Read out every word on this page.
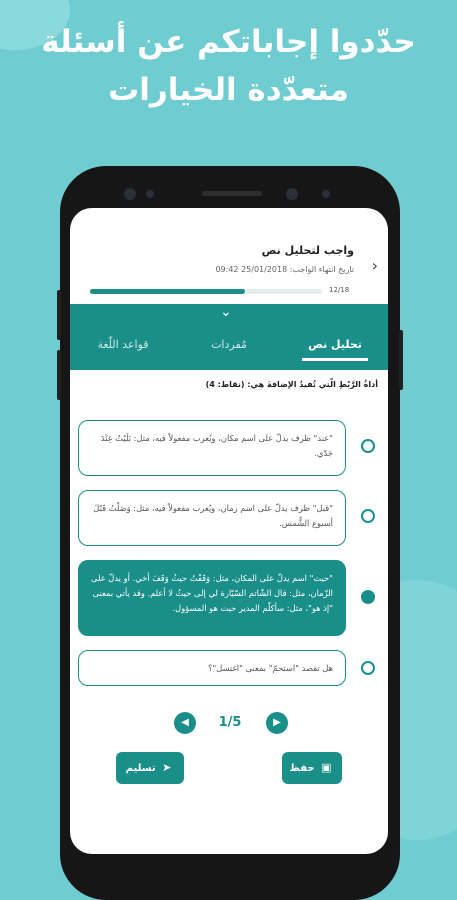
حدّدوا إجاباتكم عن أسئلة
متعدّدة الخيارات
›
واجب لتحليل نص
تاريخ انتهاء الواجب: 25/01/2018 09:42
12/18
⌄
تحليل نص
مُفردات
قواعد اللّغة
أداةُ الرَّبْطِ الّتي تُفيدُ الإضافةَ هي: (نقاط: 4)
"عند" ظرف يدلّ على اسم مكان، ويُعرب مفعولاً فيه، مثل: بَلَيْتُ عِنْدَ جَدّي.
"قبل" ظرف يدلّ على اسم زمان، ويُعرب مفعولاً فيه، مثل: وَصَلْتُ قَبْلَ أسبوع الشُّمس.
"حيث" اسم يدلّ على المكان، مثل: وَقَفْتُ حيثُ وَقَفَ أخي. أو يدلّ على الزّمان، مثل: قال الشّاتم السّيّارة لي إلى حيثُ لا أعلم. وقد يأتي بمعنى "إذ هو"، مثل: سأكلّم المدير حيث هو المسؤول.
هل تقصد "استحمّ" بمعنى "اغتسل"؟
◀	1/5	▶
تسليم ➤	حفظ ▣
